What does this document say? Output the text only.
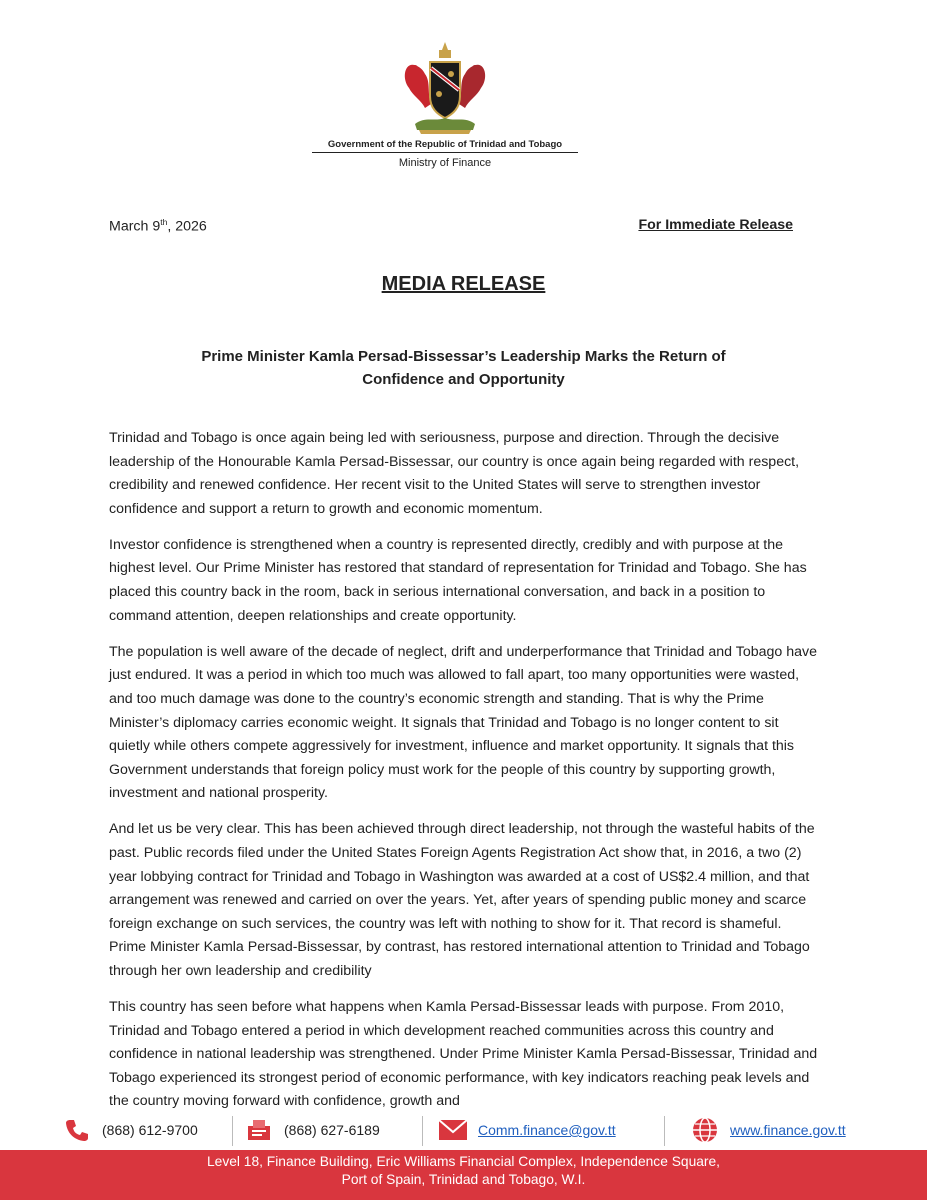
Government of the Republic of Trinidad and Tobago
Ministry of Finance
March 9th, 2026	For Immediate Release
MEDIA RELEASE
Prime Minister Kamla Persad-Bissessar’s Leadership Marks the Return of
Confidence and Opportunity

Trinidad and Tobago is once again being led with seriousness, purpose and direction. Through the decisive leadership of the Honourable Kamla Persad-Bissessar, our country is once again being regarded with respect, credibility and renewed confidence. Her recent visit to the United States will serve to strengthen investor confidence and support a return to growth and economic momentum.

Investor confidence is strengthened when a country is represented directly, credibly and with purpose at the highest level. Our Prime Minister has restored that standard of representation for Trinidad and Tobago. She has placed this country back in the room, back in serious international conversation, and back in a position to command attention, deepen relationships and create opportunity.

The population is well aware of the decade of neglect, drift and underperformance that Trinidad and Tobago have just endured. It was a period in which too much was allowed to fall apart, too many opportunities were wasted, and too much damage was done to the country’s economic strength and standing. That is why the Prime Minister’s diplomacy carries economic weight. It signals that Trinidad and Tobago is no longer content to sit quietly while others compete aggressively for investment, influence and market opportunity. It signals that this Government understands that foreign policy must work for the people of this country by supporting growth, investment and national prosperity.

And let us be very clear. This has been achieved through direct leadership, not through the wasteful habits of the past. Public records filed under the United States Foreign Agents Registration Act show that, in 2016, a two (2) year lobbying contract for Trinidad and Tobago in Washington was awarded at a cost of US$2.4 million, and that arrangement was renewed and carried on over the years. Yet, after years of spending public money and scarce foreign exchange on such services, the country was left with nothing to show for it. That record is shameful. Prime Minister Kamla Persad-Bissessar, by contrast, has restored international attention to Trinidad and Tobago through her own leadership and credibility

This country has seen before what happens when Kamla Persad-Bissessar leads with purpose. From 2010, Trinidad and Tobago entered a period in which development reached communities across this country and confidence in national leadership was strengthened. Under Prime Minister Kamla Persad-Bissessar, Trinidad and Tobago experienced its strongest period of economic performance, with key indicators reaching peak levels and the country moving forward with confidence, growth and

(868) 612-9700	(868) 627-6189	Comm.finance@gov.tt	www.finance.gov.tt
Level 18, Finance Building, Eric Williams Financial Complex, Independence Square,
Port of Spain, Trinidad and Tobago, W.I.
